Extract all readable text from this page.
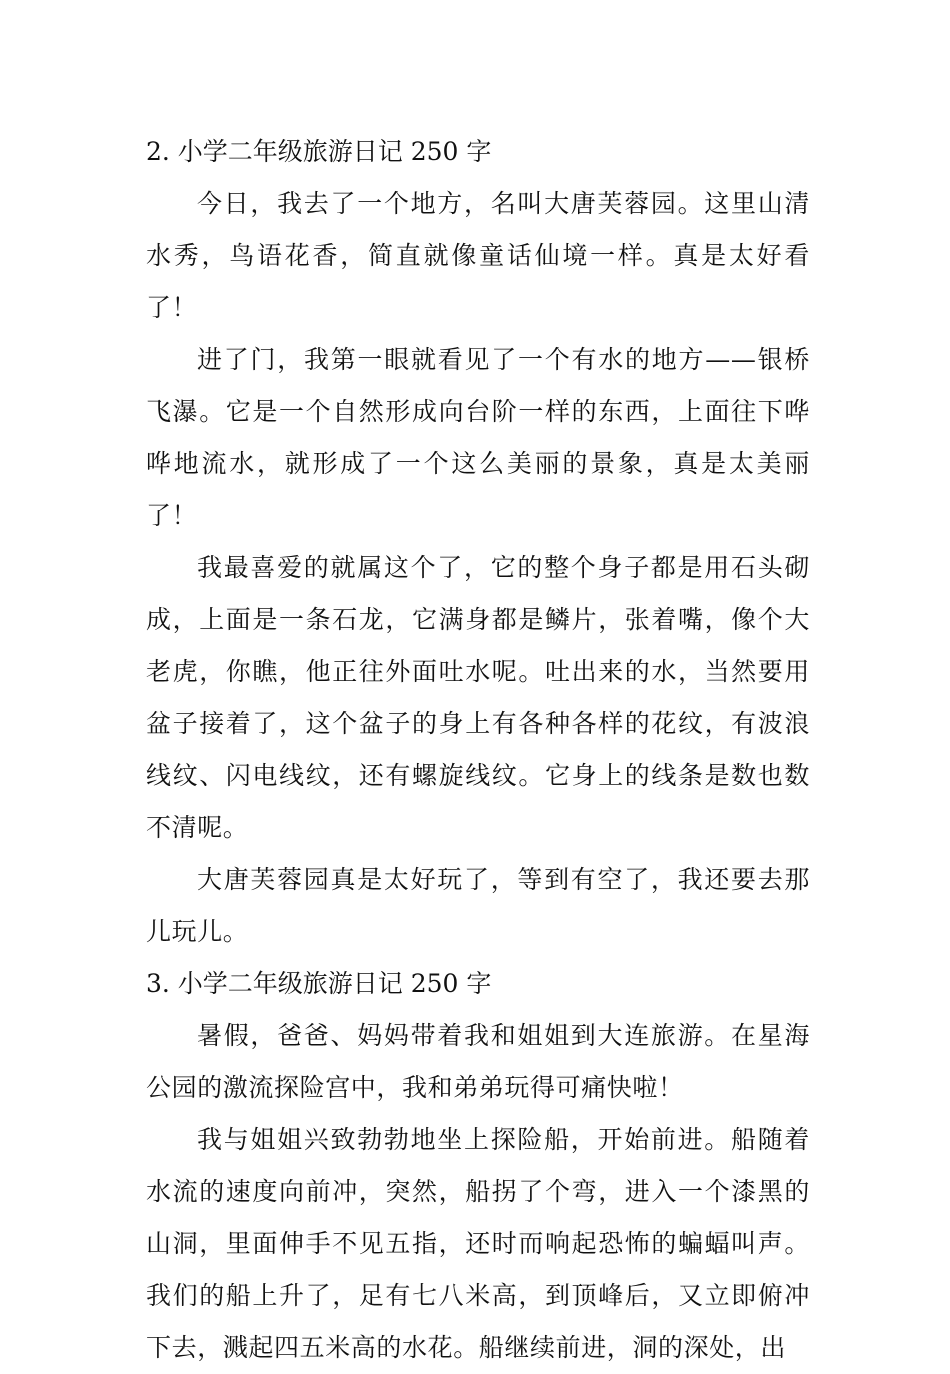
2. 小学二年级旅游日记 250 字

今日，我去了一个地方，名叫大唐芙蓉园。这里山清水秀，鸟语花香，简直就像童话仙境一样。真是太好看了！

进了门，我第一眼就看见了一个有水的地方——银桥飞瀑。它是一个自然形成向台阶一样的东西，上面往下哗哗地流水，就形成了一个这么美丽的景象，真是太美丽了！

我最喜爱的就属这个了，它的整个身子都是用石头砌成，上面是一条石龙，它满身都是鳞片，张着嘴，像个大老虎，你瞧，他正往外面吐水呢。吐出来的水，当然要用盆子接着了，这个盆子的身上有各种各样的花纹，有波浪线纹、闪电线纹，还有螺旋线纹。它身上的线条是数也数不清呢。

大唐芙蓉园真是太好玩了，等到有空了，我还要去那儿玩儿。

3. 小学二年级旅游日记 250 字

暑假，爸爸、妈妈带着我和姐姐到大连旅游。在星海公园的激流探险宫中，我和弟弟玩得可痛快啦！

我与姐姐兴致勃勃地坐上探险船，开始前进。船随着水流的速度向前冲，突然，船拐了个弯，进入一个漆黑的山洞，里面伸手不见五指，还时而响起恐怖的蝙蝠叫声。我们的船上升了，足有七八米高，到顶峰后，又立即俯冲下去，溅起四五米高的水花。船继续前进，洞的深处，出
